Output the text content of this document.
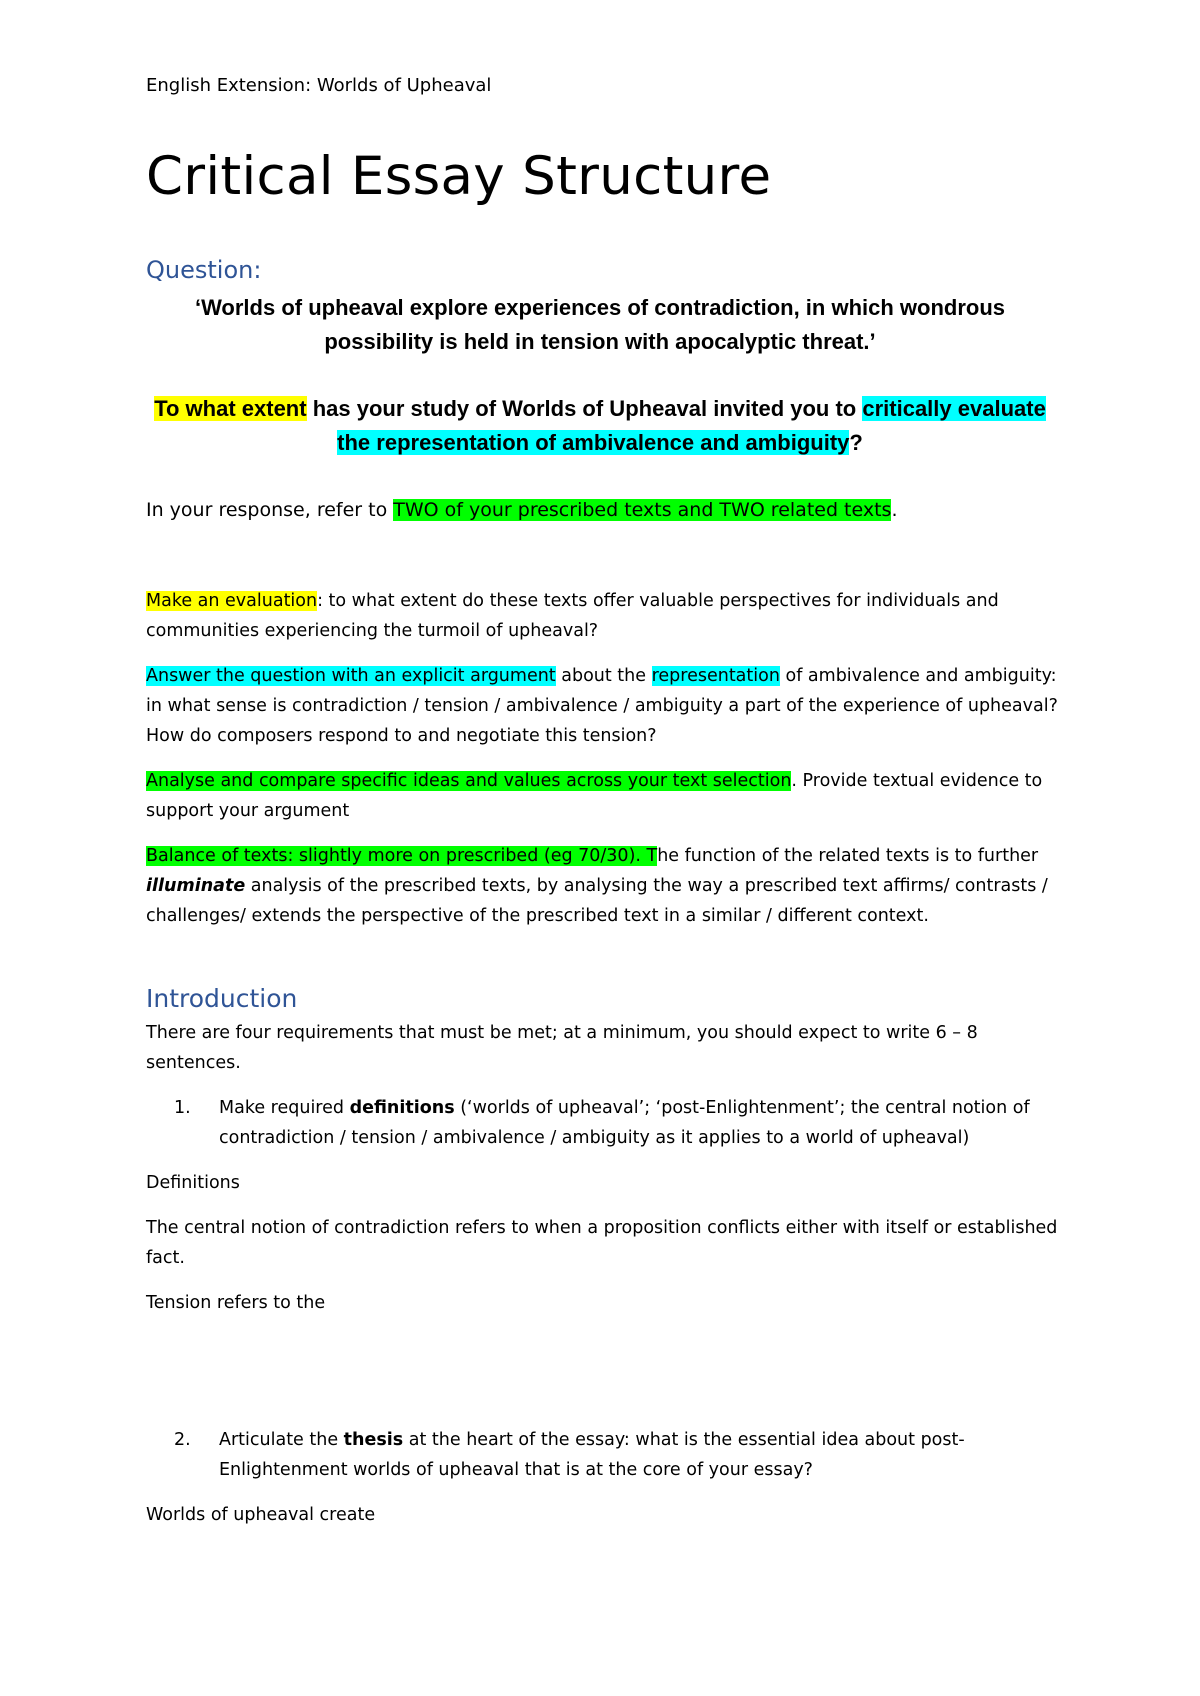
English Extension: Worlds of Upheaval
Critical Essay Structure
Question:
‘Worlds of upheaval explore experiences of contradiction, in which wondrous possibility is held in tension with apocalyptic threat.’
To what extent has your study of Worlds of Upheaval invited you to critically evaluate the representation of ambivalence and ambiguity?
In your response, refer to TWO of your prescribed texts and TWO related texts.
Make an evaluation: to what extent do these texts offer valuable perspectives for individuals and communities experiencing the turmoil of upheaval?
Answer the question with an explicit argument about the representation of ambivalence and ambiguity: in what sense is contradiction / tension / ambivalence / ambiguity a part of the experience of upheaval? How do composers respond to and negotiate this tension?
Analyse and compare specific ideas and values across your text selection. Provide textual evidence to support your argument
Balance of texts: slightly more on prescribed (eg 70/30). The function of the related texts is to further illuminate analysis of the prescribed texts, by analysing the way a prescribed text affirms/ contrasts / challenges/ extends the perspective of the prescribed text in a similar / different context.
Introduction
There are four requirements that must be met; at a minimum, you should expect to write 6 – 8 sentences.
1. Make required definitions (‘worlds of upheaval’; ‘post-Enlightenment’; the central notion of contradiction / tension / ambivalence / ambiguity as it applies to a world of upheaval)
Definitions
The central notion of contradiction refers to when a proposition conflicts either with itself or established fact.
Tension refers to the
2. Articulate the thesis at the heart of the essay: what is the essential idea about post-Enlightenment worlds of upheaval that is at the core of your essay?
Worlds of upheaval create
